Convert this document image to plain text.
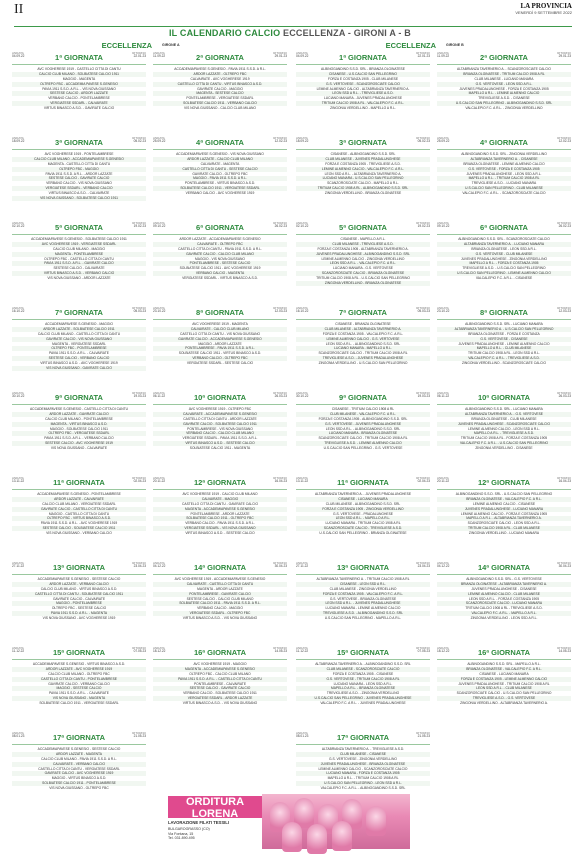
II	LA PROVINCIA
VENERDÌ 9 SETTEMBRE 2022
IL CALENDARIO CALCIO ECCELLENZA - GIRONI A - B
ECCELLENZA	GIRONE A
ANDATA
04.09.22	1ª GIORNATA	RITORNO
22.01.23
AVC VOGHERESE 1919 - CASTELLO CITTA DI CANTU
CALCIO CLUB MILANO - SOLBIATESE CALCIO 1911
MAGGIO - MAGENTA
OLTREPO FBC - ACCADEMIA PAVESE S.GENESIO
PAVIA 1911 S.S.D. A R.L. - VIS NOVA GIUSSANO
SESTESE CALCIO - ARDOR LAZZATE
VERBANO CALCIO - PONTELAMBRESE
VERGIATESE SSDARL - CALVAIRATE
VIRTUS BINASCO A.S.D. - GAVIRATE CALCIO
ANDATA
11.09.22	2ª GIORNATA	RITORNO
29.01.23
ACCADEMIAPAVESE S.GENESIO - PAVIA 1911 S.S.D. A R.L.
ARDOR LAZZATE - OLTREPO FBC
CALVAIRATE - AVC VOGHERESE 1919
CASTELLO CITTA DI CANTU - VIRTUS BINASCO A.S.D.
GAVIRATE CALCIO - MAGGIO
MAGENTA - SESTESE CALCIO
PONTELAMBRESE - VERGIATESE SSDARL
SOLBIATESE CALCIO 1911 - VERBANO CALCIO
VIS NOVA GIUSSANO - CALCIO CLUB MILANO
ANDATA
18.09.22	3ª GIORNATA	RITORNO
05.02.23
AVC VOGHERESE 1919 - PONTELAMBRESE
CALCIO CLUB MILANO - ACCADEMIAPAVESE S.GENESIO
MAGENTA - CASTELLO CITTA DI CANTU
OLTREPO FBC - MAGGIO
PAVIA 1911 S.S.D. A R.L. - ARDOR LAZZATE
SESTESE CALCIO - GAVIRATE CALCIO
VERBANO CALCIO - VIS NOVA GIUSSANO
VERGIATESE SSDARL - VERBANO CALCIO
VIRTUS BINASCO A.S.D. - CALVAIRATE
VIS NOVA GIUSSANO - SOLBIATESE CALCIO 1911
ANDATA
25.09.22	4ª GIORNATA	RITORNO
12.02.23
ACCADEMIAPAVESE S.GENESIO - VIS NOVA GIUSSANO
ARDOR LAZZATE - CALCIO CLUB MILANO
CALVAIRATE - MAGENTA
CASTELLO CITTA DI CANTU - SESTESE CALCIO
GAVIRATE CALCIO - OLTREPO FBC
MAGGIO - PAVIA 1911 S.S.D. A R.L.
PONTELAMBRESE - VIRTUS BINASCO A.S.D.
SOLBIATESE CALCIO 1911 - VERGIATESE SSDARL
VERBANO CALCIO - AVC VOGHERESE 1919
ANDATA
02.10.22	5ª GIORNATA	RITORNO
19.02.23
ACCADEMIAPAVESE S.GENESIO - SOLBIATESE CALCIO 1911
AVC VOGHERESE 1919 - VERGIATESE SSDARL
CALCIO CLUB MILANO - MAGGIO
MAGENTA - PONTELAMBRESE
OLTREPO FBC - CASTELLO CITTA DI CANTU
PAVIA 1911 S.S.D. A R.L. - GAVIRATE CALCIO
SESTESE CALCIO - CALVAIRATE
VIRTUS BINASCO A.S.D. - VERBANO CALCIO
VIS NOVA GIUSSANO - ARDOR LAZZATE
ANDATA
09.10.22	6ª GIORNATA	RITORNO
26.02.23
ARDOR LAZZATE - ACCADEMIAPAVESE S.GENESIO
CALVAIRATE - OLTREPO FBC
CASTELLO CITTA DI CANTU - PAVIA 1911 S.S.D. A R.L.
GAVIRATE CALCIO - CALCIO CLUB MILANO
MAGGIO - VIS NOVA GIUSSANO
PONTELAMBRESE - SESTESE CALCIO
SOLBIATESE CALCIO 1911 - AVC VOGHERESE 1919
VERBANO CALCIO - MAGENTA
VERGIATESE SSDARL - VIRTUS BINASCO A.S.D.
ANDATA
16.10.22	7ª GIORNATA	RITORNO
05.03.23
ACCADEMIAPAVESE S.GENESIO - MAGGIO
ARDOR LAZZATE - SOLBIATESE CALCIO 1911
CALCIO CLUB MILANO - CASTELLO CITTA DI CANTU
GAVIRATE CALCIO - VIS NOVA GIUSSANO
MAGENTA - VERGIATESE SSDARL
OLTREPO FBC - PONTELAMBRESE
PAVIA 1911 S.S.D. A R.L. - CALVAIRATE
SESTESE CALCIO - VERBANO CALCIO
VIRTUS BINASCO A.S.D. - AVC VOGHERESE 1919
VIS NOVA GIUSSANO - GAVIRATE CALCIO
ANDATA
23.10.22	8ª GIORNATA	RITORNO
12.03.23
AVC VOGHERESE 1919 - MAGENTA
CALVAIRATE - CALCIO CLUB MILANO
CASTELLO CITTA DI CANTU - VIS NOVA GIUSSANO
GAVIRATE CALCIO - ACCADEMIAPAVESE S.GENESIO
MAGGIO - ARDOR LAZZATE
PONTELAMBRESE - PAVIA 1911 S.S.D. A R.L.
SOLBIATESE CALCIO 1911 - VIRTUS BINASCO A.S.D.
VERBANO CALCIO - OLTREPO FBC
VERGIATESE SSDARL - SESTESE CALCIO
ANDATA
30.10.22	9ª GIORNATA	RITORNO
19.03.23
ACCADEMIAPAVESE S.GENESIO - CASTELLO CITTA DI CANTU
ARDOR LAZZATE - GAVIRATE CALCIO
CALCIO CLUB MILANO - PONTELAMBRESE
MAGENTA - VIRTUS BINASCO A.S.D.
MAGGIO - SOLBIATESE CALCIO 1911
OLTREPO FBC - VERGIATESE SSDARL
PAVIA 1911 S.S.D. A R.L. - VERBANO CALCIO
SESTESE CALCIO - AVC VOGHERESE 1919
VIS NOVA GIUSSANO - CALVAIRATE
ANDATA
06.11.22	10ª GIORNATA	RITORNO
26.03.23
AVC VOGHERESE 1919 - OLTREPO FBC
CALVAIRATE - ACCADEMIAPAVESE S.GENESIO
CASTELLO CITTA DI CANTU - ARDOR LAZZATE
GAVIRATE CALCIO - SOLBIATESE CALCIO 1911
PONTELAMBRESE - VIS NOVA GIUSSANO
VERBANO CALCIO - CALCIO CLUB MILANO
VERGIATESE SSDARL - PAVIA 1911 S.S.D. A R.L.
VIRTUS BINASCO A.S.D. - SESTESE CALCIO
SOLBIATESE CALCIO 1911 - MAGENTA
ANDATA
13.11.22	11ª GIORNATA	RITORNO
02.04.23
ACCADEMIAPAVESE S.GENESIO - PONTELAMBRESE
ARDOR LAZZATE - CALVAIRATE
CALCIO CLUB MILANO - VERGIATESE SSDARL
GAVIRATE CALCIO - CASTELLO CITTA DI CANTU
MAGGIO - CASTELLO CITTA DI CANTU
OLTREPO FBC - VIRTUS BINASCO A.S.D.
PAVIA 1911 S.S.D. A R.L. - AVC VOGHERESE 1919
SESTESE CALCIO - SOLBIATESE CALCIO 1911
VIS NOVA GIUSSANO - VERBANO CALCIO
ANDATA
20.11.22	12ª GIORNATA	RITORNO
16.04.23
AVC VOGHERESE 1919 - CALCIO CLUB MILANO
CALVAIRATE - MAGGIO
CASTELLO CITTA DI CANTU - GAVIRATE CALCIO
MAGENTA - ACCADEMIAPAVESE S.GENESIO
PONTELAMBRESE - ARDOR LAZZATE
SOLBIATESE CALCIO 1911 - OLTREPO FBC
VERBANO CALCIO - PAVIA 1911 S.S.D. A R.L.
VERGIATESE SSDARL - VIS NOVA GIUSSANO
VIRTUS BINASCO A.S.D. - SESTESE CALCIO
ANDATA
27.11.22	13ª GIORNATA	RITORNO
23.04.23
ACCADEMIAPAVESE S.GENESIO - SESTESE CALCIO
ARDOR LAZZATE - VERBANO CALCIO
CALCIO CLUB MILANO - VIRTUS BINASCO A.S.D.
CASTELLO CITTA DI CANTU - SOLBIATESE CALCIO 1911
GAVIRATE CALCIO - CALVAIRATE
MAGGIO - PONTELAMBRESE
OLTREPO FBC - SESTESE CALCIO
PAVIA 1911 S.S.D. A R.L. - MAGENTA
VIS NOVA GIUSSANO - AVC VOGHERESE 1919
ANDATA
04.12.22	14ª GIORNATA	RITORNO
30.04.23
AVC VOGHERESE 1919 - ACCADEMIAPAVESE S.GENESIO
CALVAIRATE - CASTELLO CITTA DI CANTU
MAGENTA - ARDOR LAZZATE
PONTELAMBRESE - GAVIRATE CALCIO
SESTESE CALCIO - CALCIO CLUB MILANO
SOLBIATESE CALCIO 1911 - PAVIA 1911 S.S.D. A R.L.
VERBANO CALCIO - MAGGIO
VERGIATESE SSDARL - OLTREPO FBC
VIRTUS BINASCO A.S.D. - VIS NOVA GIUSSANO
ANDATA
11.12.22	15ª GIORNATA	RITORNO
07.05.23
ACCADEMIAPAVESE S.GENESIO - VIRTUS BINASCO A.S.D.
ARDOR LAZZATE - AVC VOGHERESE 1919
CALCIO CLUB MILANO - OLTREPO FBC
CASTELLO CITTA DI CANTU - PONTELAMBRESE
GAVIRATE CALCIO - VERBANO CALCIO
MAGGIO - SESTESE CALCIO
PAVIA 1911 S.S.D. A R.L. - CALVAIRATE
VIS NOVA GIUSSANO - MAGENTA
SOLBIATESE CALCIO 1911 - VERGIATESE SSDARL
ANDATA
18.12.22	16ª GIORNATA	RITORNO
14.05.23
AVC VOGHERESE 1919 - MAGGIO
MAGENTA - ACCADEMIAPAVESE S.GENESIO
OLTREPO FBC - CALCIO CLUB MILANO
PAVIA 1911 S.S.D. A R.L. - CASTELLO CITTA DI CANTU
PONTELAMBRESE - CALVAIRATE
SESTESE CALCIO - GAVIRATE CALCIO
VERBANO CALCIO - SOLBIATESE CALCIO 1911
VERGIATESE SSDARL - ARDOR LAZZATE
VIRTUS BINASCO A.S.D. - VIS NOVA GIUSSANO
ANDATA
08.01.23	17ª GIORNATA	RITORNO
21.05.23
ACCADEMIAPAVESE S.GENESIO - SESTESE CALCIO
ARDOR LAZZATE - MAGENTA
CALCIO CLUB MILANO - PAVIA 1911 S.S.D. A R.L.
CALVAIRATE - VERBANO CALCIO
CASTELLO CITTA DI CANTU - VERGIATESE SSDARL
GAVIRATE CALCIO - AVC VOGHERESE 1919
MAGGIO - VIRTUS BINASCO A.S.D.
SOLBIATESE CALCIO 1911 - PONTELAMBRESE
VIS NOVA GIUSSANO - OLTREPO FBC
ECCELLENZA	GIRONE B
ANDATA
04.09.22	1ª GIORNATA	RITORNO
22.01.23
ALBINOGANDINO S.S.D. SRL - BRIANZA OLGINATESE
CISANESE - U.S.CALCIO SAN PELLEGRINO
FORZA E COSTANZA 1905 - CLUB MILANESE
G.S. VERTOVESE - SCANZOROSCIATE CALCIO
LEMINE ALMENNO CALCIO - ALTABRIANZA TAVERNERIO A.
LEON SSD A R.L. - TREVIGLIESE A.S.D.
LUCIANO MANARA - JUVENES PRADALUNGHESE
TRITIUM CALCIO 1908 A RL - VALCALEPIO F.C. A R.L.
ZINGONIA VERDELLINO - MAPELLO A R.L.
ANDATA
11.09.22	2ª GIORNATA	RITORNO
29.01.23
ALTABRIANZA TAVERNERIO A. - SCANZOROSCIATE CALCIO
BRIANZA OLGINATESE - TRITIUM CALCIO 1908 A RL
CLUB MILANESE - LUCIANO MANARA
G.S. VERTOVESE - LEON SSD A R.L.
JUVENES PRADALUNGHESE - FORZA E COSTANZA 1905
MAPELLO A R.L. - LEMINE ALMENNO CALCIO
TREVIGLIESE A.S.D. - CISANESE
U.S.CALCIO SAN PELLEGRINO - ALBINOGANDINO S.S.D. SRL
VALCALEPIO F.C. A R.L. - ZINGONIA VERDELLINO
ANDATA
18.09.22	3ª GIORNATA	RITORNO
05.02.23
CISANESE - ALBINOGANDINO S.S.D. SRL
CLUB MILANESE - JUVENES PRADALUNGHESE
FORZA E COSTANZA 1905 - TREVIGLIESE A.S.D.
LEMINE ALMENNO CALCIO - VALCALEPIO F.C. A R.L.
LEON SSD A R.L. - ALTABRIANZA TAVERNERIO A.
LUCIANO MANARA - U.S.CALCIO SAN PELLEGRINO
SCANZOROSCIATE CALCIO - MAPELLO A R.L.
TRITIUM CALCIO 1908 A RL - ALBINOGANDINO S.S.D. SRL
ZINGONIA VERDELLINO - BRIANZA OLGINATESE
ANDATA
25.09.22	4ª GIORNATA	RITORNO
12.02.23
ALBINOGANDINO S.S.D. SRL - ZINGONIA VERDELLINO
ALTABRIANZA TAVERNERIO A. - CISANESE
BRIANZA OLGINATESE - LEMINE ALMENNO CALCIO
G.S. VERTOVESE - FORZA E COSTANZA 1905
JUVENES PRADALUNGHESE - LEON SSD A R.L.
MAPELLO A R.L. - TRITIUM CALCIO 1908 A RL
TREVIGLIESE A.S.D. - LUCIANO MANARA
U.S.CALCIO SAN PELLEGRINO - CLUB MILANESE
VALCALEPIO F.C. A R.L. - SCANZOROSCIATE CALCIO
ANDATA
02.10.22	5ª GIORNATA	RITORNO
19.02.23
CISANESE - MAPELLO A R.L.
CLUB MILANESE - TREVIGLIESE A.S.D.
FORZA E COSTANZA 1905 - ALTABRIANZA TAVERNERIO A.
JUVENES PRADALUNGHESE - ALBINOGANDINO S.S.D. SRL
LEMINE ALMENNO CALCIO - ZINGONIA VERDELLINO
LEON SSD A R.L. - VALCALEPIO F.C. A R.L.
LUCIANO MANARA - G.S. VERTOVESE
SCANZOROSCIATE CALCIO - BRIANZA OLGINATESE
TRITIUM CALCIO 1908 A RL - U.S.CALCIO SAN PELLEGRINO
ZINGONIA VERDELLINO - BRIANZA OLGINATESE
ANDATA
09.10.22	6ª GIORNATA	RITORNO
26.02.23
ALBINOGANDINO S.S.D. SRL - SCANZOROSCIATE CALCIO
ALTABRIANZA TAVERNERIO A. - LUCIANO MANARA
BRIANZA OLGINATESE - LEON SSD A R.L.
G.S. VERTOVESE - CLUB MILANESE
JUVENES PRADALUNGHESE - ZINGONIA VERDELLINO
MAPELLO A R.L. - FORZA E COSTANZA 1905
TREVIGLIESE A.S.D. - U.S.CALCIO SAN PELLEGRINO
U.S.CALCIO SAN PELLEGRINO - LEMINE ALMENNO CALCIO
VALCALEPIO F.C. A R.L. - CISANESE
ANDATA
16.10.22	7ª GIORNATA	RITORNO
05.03.23
CISANESE - BRIANZA OLGINATESE
CLUB MILANESE - ALTABRIANZA TAVERNERIO A.
FORZA E COSTANZA 1905 - VALCALEPIO F.C. A R.L.
LEMINE ALMENNO CALCIO - G.S. VERTOVESE
LEON SSD A R.L. - ALBINOGANDINO S.S.D. SRL
LUCIANO MANARA - MAPELLO A R.L.
SCANZOROSCIATE CALCIO - TRITIUM CALCIO 1908 A RL
TREVIGLIESE A.S.D. - JUVENES PRADALUNGHESE
ZINGONIA VERDELLINO - U.S.CALCIO SAN PELLEGRINO
ANDATA
23.10.22	8ª GIORNATA	RITORNO
12.03.23
ALBINOGANDINO S.S.D. SRL - LUCIANO MANARA
ALTABRIANZA TAVERNERIO A. - U.S.CALCIO SAN PELLEGRINO
BRIANZA OLGINATESE - FORZA E COSTANZA
G.S. VERTOVESE - CISANESE
JUVENES PRADALUNGHESE - LEMINE ALMENNO CALCIO
MAPELLO A R.L. - CLUB MILANESE
TRITIUM CALCIO 1908 A RL - LEON SSD A R.L.
VALCALEPIO F.C. A R.L. - TREVIGLIESE A.S.D.
ZINGONIA VERDELLINO - SCANZOROSCIATE CALCIO
ANDATA
30.10.22	9ª GIORNATA	RITORNO
19.03.23
CISANESE - TRITIUM CALCIO 1908 A RL
CLUB MILANESE - VALCALEPIO F.C. A R.L.
FORZA E COSTANZA 1905 - ALBINOGANDINO S.S.D. SRL
G.S. VERTOVESE - JUVENES PRADALUNGHESE
LEON SSD A R.L. - ALBINOGANDINO S.S.D. SRL
LUCIANO MANARA - BRIANZA OLGINATESE
SCANZOROSCIATE CALCIO - TRITIUM CALCIO 1908 A RL
TREVIGLIESE A.S.D. - LEMINE ALMENNO CALCIO
U.S.CALCIO SAN PELLEGRINO - G.S. VERTOVESE
ANDATA
06.11.22	10ª GIORNATA	RITORNO
26.03.23
ALBINOGANDINO S.S.D. SRL - LUCIANO MANARA
ALTABRIANZA TAVERNERIO A. - G.S. VERTOVESE
BRIANZA OLGINATESE - CLUB MILANESE
JUVENES PRADALUNGHESE - SCANZOROSCIATE CALCIO
LEMINE ALMENNO CALCIO - LEON SSD A R.L.
MAPELLO A R.L. - TREVIGLIESE A.S.D.
TRITIUM CALCIO 1908 A RL - FORZA E COSTANZA 1905
VALCALEPIO F.C. A R.L. - U.S.CALCIO SAN PELLEGRINO
ZINGONIA VERDELLINO - CISANESE
ANDATA
13.11.22	11ª GIORNATA	RITORNO
02.04.23
ALTABRIANZA TAVERNERIO A. - JUVENES PRADALUNGHESE
CISANESE - LUCIANO MANARA
CLUB MILANESE - ALBINOGANDINO S.S.D. SRL
FORZA E COSTANZA 1905 - ZINGONIA VERDELLINO
G.S. VERTOVESE - PRADALUNGHESE
LEON SSD A R.L. - MAPELLO A R.L.
LUCIANO MANARA - TRITIUM CALCIO 1908 A RL
SCANZOROSCIATE CALCIO - TREVIGLIESE A.S.D.
U.S.CALCIO SAN PELLEGRINO - BRIANZA OLGINATESE
ANDATA
20.11.22	12ª GIORNATA	RITORNO
16.04.23
ALBINOGANDINO S.S.D. SRL - U.S.CALCIO SAN PELLEGRINO
BRIANZA OLGINATESE - VALCALEPIO F.C. A R.L.
LEMINE ALMENNO CALCIO - CISANESE
JUVENES PRADALUNGHESE - LUCIANO MANARA
LEMINE ALMENNO CALCIO - FORZA E COSTANZA 1905
MAPELLO A R.L. - ALTABRIANZA TAVERNERIO A.
SCANZOROSCIATE CALCIO - LEON SSD A R.L.
TRITIUM CALCIO 1908 A RL - CLUB MILANESE
ZINGONIA VERDELLINO - LUCIANO MANARA
ANDATA
27.11.22	13ª GIORNATA	RITORNO
23.04.23
ALTABRIANZA TAVERNERIO A. - TRITIUM CALCIO 1908 A RL
CISANESE - LEON SSD A R.L.
CLUB MILANESE - ZINGONIA VERDELLINO
FORZA E COSTANZA 1905 - VALCALEPIO F.C. A R.L.
G.S. VERTOVESE - BRIANZA OLGINATESE
LEON SSD A R.L. - JUVENES PRADALUNGHESE
LUCIANO MANARA - LEMINE ALMENNO CALCIO
TREVIGLIESE A.S.D. - ALBINOGANDINO S.S.D. SRL
U.S.CALCIO SAN PELLEGRINO - MAPELLO A R.L.
ANDATA
04.12.22	14ª GIORNATA	RITORNO
30.04.23
ALBINOGANDINO S.S.D. SRL - G.S. VERTOVESE
BRIANZA OLGINATESE - ALTABRIANZA TAVERNERIO A.
JUVENES PRADALUNGHESE - CISANESE
LEMINE ALMENNO CALCIO - CLUB MILANESE
LEON SSD A R.L. - FORZA E COSTANZA 1905
SCANZOROSCIATE CALCIO - LUCIANO MANARA
TRITIUM CALCIO 1908 A RL - TREVIGLIESE A.S.D.
VALCALEPIO F.C. A R.L. - MAPELLO A R.L.
ZINGONIA VERDELLINO - LEON SSD A R.L.
ANDATA
11.12.22	15ª GIORNATA	RITORNO
07.05.23
ALTABRIANZA TAVERNERIO A. - ALBINOGANDINO S.S.D. SRL
CLUB MILANESE - SCANZOROSCIATE CALCIO
FORZA E COSTANZA 1905 - CISANESE
G.S. VERTOVESE - TRITIUM CALCIO 1908 A RL
LUCIANO MANARA - LEON SSD A R.L.
MAPELLO A R.L. - BRIANZA OLGINATESE
TREVIGLIESE A.S.D. - ZINGONIA VERDELLINO
U.S.CALCIO SAN PELLEGRINO - JUVENES PRADALUNGHESE
VALCALEPIO F.C. A R.L. - JUVENES PRADALUNGHESE
ANDATA
18.12.22	16ª GIORNATA	RITORNO
14.05.23
ALBINOGANDINO S.S.D. SRL - MAPELLO A R.L.
BRIANZA OLGINATESE - VALCALEPIO F.C. A R.L.
CISANESE - LUCIANO MANARA
FORZA E COSTANZA 1905 - LEMINE ALMENNO CALCIO
JUVENES PRADALUNGHESE - TRITIUM CALCIO 1908 A RL
LEON SSD A R.L. - CLUB MILANESE
SCANZOROSCIATE CALCIO - U.S.CALCIO SAN PELLEGRINO
TREVIGLIESE A.S.D. - G.S. VERTOVESE
ZINGONIA VERDELLINO - ALTABRIANZA TAVERNERIO A.
ANDATA
08.01.23	17ª GIORNATA	RITORNO
21.05.23
ALTABRIANZA TAVERNERIO A. - TREVIGLIESE A.S.D.
CLUB MILANESE - CISANESE
G.S. VERTOVESE - ZINGONIA VERDELLINO
JUVENES PRADALUNGHESE - BRIANZA OLGINATESE
LEMINE ALMENNO CALCIO - SCANZOROSCIATE CALCIO
LUCIANO MANARA - FORZA E COSTANZA 1905
MAPELLO A R.L. - TRITIUM CALCIO 1908 A RL
U.S.CALCIO SAN PELLEGRINO - LEON SSD A R.L.
VALCALEPIO F.C. A R.L. - ALBINOGANDINO S.S.D. SRL
ORDITURA LORENA
LAVORAZIONE FILATI TESSILI
BULGAROGRASSO (CO)
Via Fontana, 15
Tel. 031.890.495
www.orditurelorena.it
orditurelorena@yahoo.it
